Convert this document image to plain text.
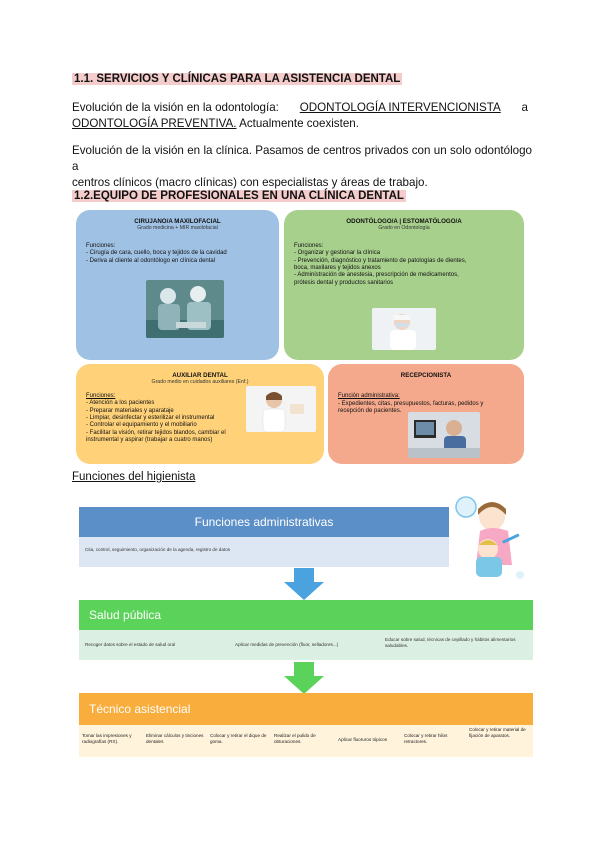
1.1. SERVICIOS Y CLÍNICAS PARA LA ASISTENCIA DENTAL
Evolución de la visión en la odontología: ODONTOLOGÍA INTERVENCIONISTA a
ODONTOLOGÍA PREVENTIVA. Actualmente coexisten.
Evolución de la visión en la clínica. Pasamos de centros privados con un solo odontólogo a
centros clínicos (macro clínicas) con especialistas y áreas de trabajo.
1.2.EQUIPO DE PROFESIONALES EN UNA CLÍNICA DENTAL
CIRUJANO/A MAXILOFACIAL
Grado medicina + MIR maxilofacial
Funciones:
- Cirugía de cara, cuello, boca y tejidos de la cavidad
- Deriva al cliente al odontólogo en clínica dental
ODONTÓLOGO/A | ESTOMATÓLOGO/A
Grado en Odontología
Funciones:
- Organizar y gestionar la clínica
- Prevención, diagnóstico y tratamiento de patologías de dientes,
boca, maxilares y tejidos anexos
- Administración de anestesia, prescripción de medicamentos,
prótesis dental y productos sanitarios
AUXILIAR DENTAL
Grado medio en cuidados auxiliares (Enf.)
Funciones:
- Atención a los pacientes
- Preparar materiales y aparataje
- Limpiar, desinfectar y esterilizar el instrumental
- Controlar el equipamiento y el mobiliario
- Facilitar la visión, retirar tejidos blandos, cambiar el
instrumental y aspirar (trabajar a cuatro manos)
RECEPCIONISTA
Función administrativa:
- Expedientes, citas, presupuestos, facturas, pedidos y
recepción de pacientes.
Funciones del higienista
Funciones administrativas
Cita, control, seguimiento, organización de la agenda, registro de datos
Salud pública
Recoger datos sobre el estado de salud oral	Aplicar medidas de prevención (fluor, selladores...)
Educar sobre salud, técnicas de cepillado y hábitos alimentarios saludables.
Técnico asistencial
Tomar las impresiones y radiografías (RX).
Eliminar cálculos y tinciones dentales
Colocar y retirar el dique de goma.
Realizar el pulido de obturaciones.	Aplicar fluoruros tópicos
Colocar y retirar hilos retractores.
Colocar y retirar material de fijación de aparatos.
